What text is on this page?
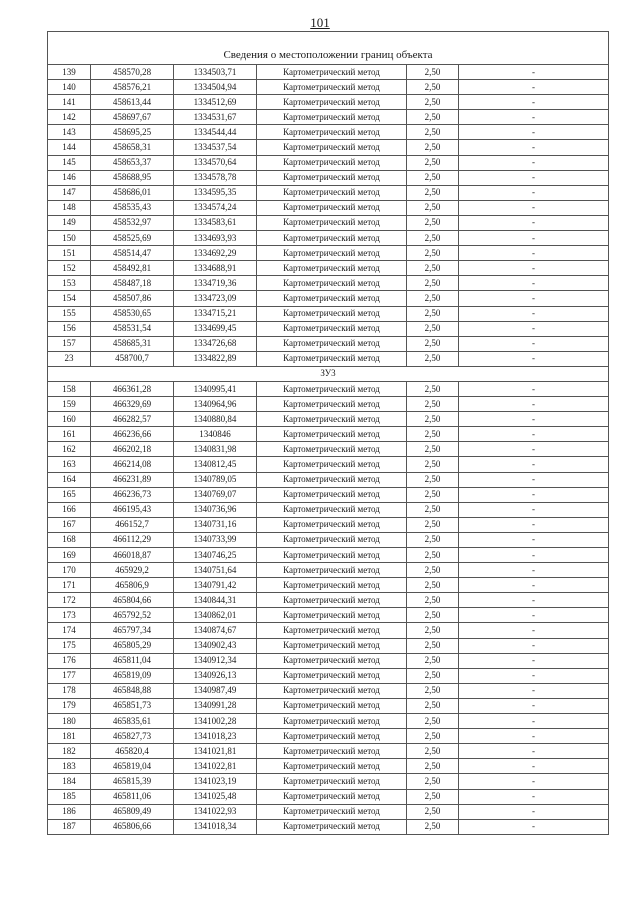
101
Сведения о местоположении границ объекта					
139	458570,28	1334503,71	Картометрический метод	2,50	-
140	458576,21	1334504,94	Картометрический метод	2,50	-
141	458613,44	1334512,69	Картометрический метод	2,50	-
142	458697,67	1334531,67	Картометрический метод	2,50	-
143	458695,25	1334544,44	Картометрический метод	2,50	-
144	458658,31	1334537,54	Картометрический метод	2,50	-
145	458653,37	1334570,64	Картометрический метод	2,50	-
146	458688,95	1334578,78	Картометрический метод	2,50	-
147	458686,01	1334595,35	Картометрический метод	2,50	-
148	458535,43	1334574,24	Картометрический метод	2,50	-
149	458532,97	1334583,61	Картометрический метод	2,50	-
150	458525,69	1334693,93	Картометрический метод	2,50	-
151	458514,47	1334692,29	Картометрический метод	2,50	-
152	458492,81	1334688,91	Картометрический метод	2,50	-
153	458487,18	1334719,36	Картометрический метод	2,50	-
154	458507,86	1334723,09	Картометрический метод	2,50	-
155	458530,65	1334715,21	Картометрический метод	2,50	-
156	458531,54	1334699,45	Картометрический метод	2,50	-
157	458685,31	1334726,68	Картометрический метод	2,50	-
23	458700,7	1334822,89	Картометрический метод	2,50	-
ЗУ3					
158	466361,28	1340995,41	Картометрический метод	2,50	-
159	466329,69	1340964,96	Картометрический метод	2,50	-
160	466282,57	1340880,84	Картометрический метод	2,50	-
161	466236,66	1340846	Картометрический метод	2,50	-
162	466202,18	1340831,98	Картометрический метод	2,50	-
163	466214,08	1340812,45	Картометрический метод	2,50	-
164	466231,89	1340789,05	Картометрический метод	2,50	-
165	466236,73	1340769,07	Картометрический метод	2,50	-
166	466195,43	1340736,96	Картометрический метод	2,50	-
167	466152,7	1340731,16	Картометрический метод	2,50	-
168	466112,29	1340733,99	Картометрический метод	2,50	-
169	466018,87	1340746,25	Картометрический метод	2,50	-
170	465929,2	1340751,64	Картометрический метод	2,50	-
171	465806,9	1340791,42	Картометрический метод	2,50	-
172	465804,66	1340844,31	Картометрический метод	2,50	-
173	465792,52	1340862,01	Картометрический метод	2,50	-
174	465797,34	1340874,67	Картометрический метод	2,50	-
175	465805,29	1340902,43	Картометрический метод	2,50	-
176	465811,04	1340912,34	Картометрический метод	2,50	-
177	465819,09	1340926,13	Картометрический метод	2,50	-
178	465848,88	1340987,49	Картометрический метод	2,50	-
179	465851,73	1340991,28	Картометрический метод	2,50	-
180	465835,61	1341002,28	Картометрический метод	2,50	-
181	465827,73	1341018,23	Картометрический метод	2,50	-
182	465820,4	1341021,81	Картометрический метод	2,50	-
183	465819,04	1341022,81	Картометрический метод	2,50	-
184	465815,39	1341023,19	Картометрический метод	2,50	-
185	465811,06	1341025,48	Картометрический метод	2,50	-
186	465809,49	1341022,93	Картометрический метод	2,50	-
187	465806,66	1341018,34	Картометрический метод	2,50	-
